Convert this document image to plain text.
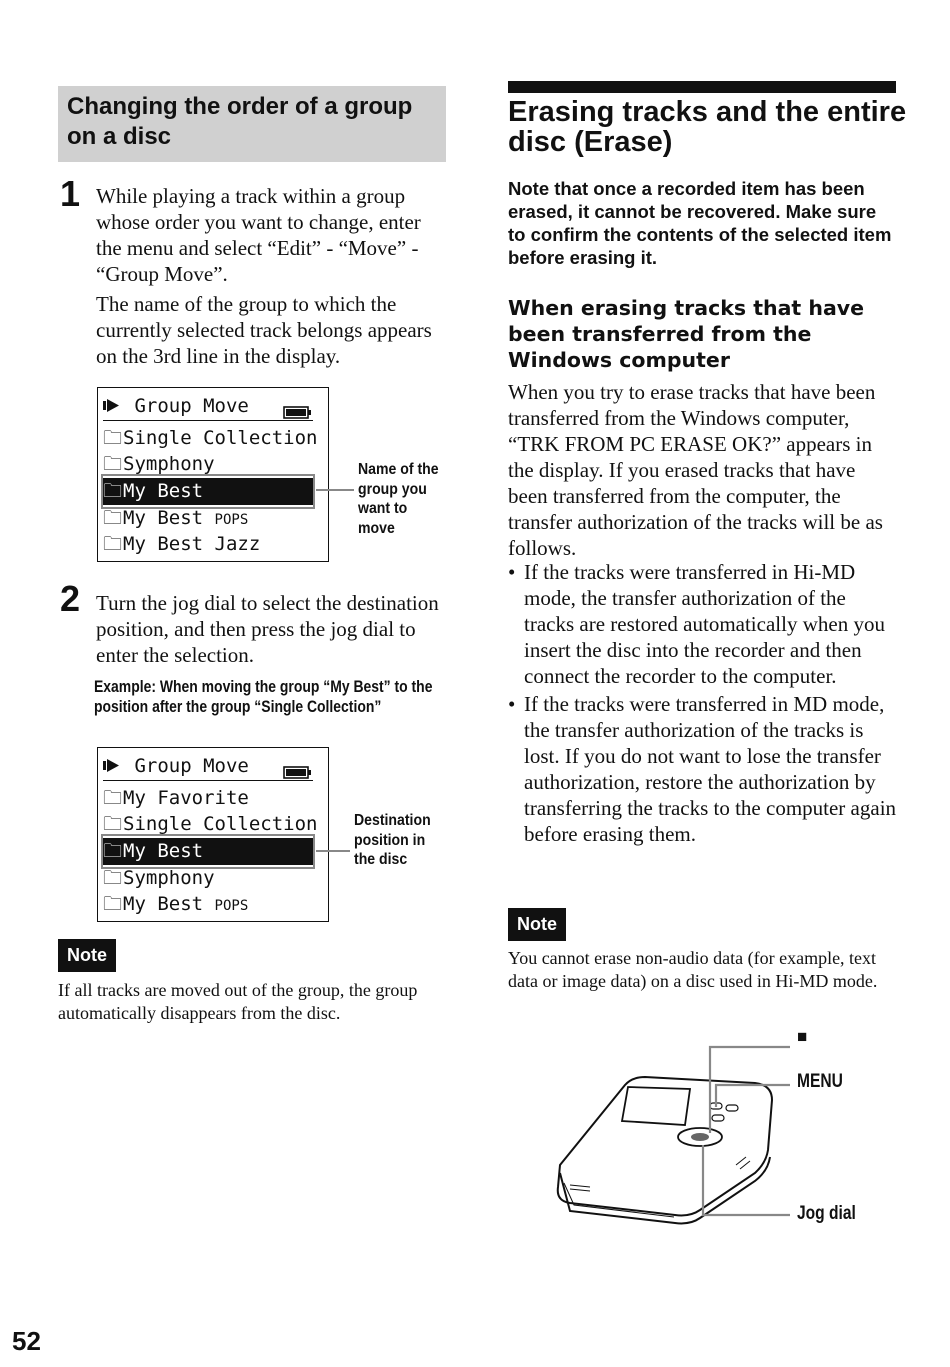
Changing the order of a group on a disc
1 While playing a track within a group whose order you want to change, enter the menu and select “Edit” - “Move” - “Group Move”.
The name of the group to which the currently selected track belongs appears on the 3rd line in the display.
Group Move
🗀Single Collection
🗀Symphony
🗀My Best
🗀My Best POPS
🗀My Best Jazz
Name of the group you want to move
2 Turn the jog dial to select the destination position, and then press the jog dial to enter the selection.
Example: When moving the group “My Best” to the position after the group “Single Collection”
Group Move
🗀My Favorite
🗀Single Collection
🗀My Best
🗀Symphony
🗀My Best POPS
Destination position in the disc
Note
If all tracks are moved out of the group, the group automatically disappears from the disc.
Erasing tracks and the entire disc (Erase)
Note that once a recorded item has been erased, it cannot be recovered. Make sure to confirm the contents of the selected item before erasing it.
When erasing tracks that have been transferred from the Windows computer
When you try to erase tracks that have been transferred from the Windows computer, “TRK FROM PC ERASE OK?” appears in the display. If you erased tracks that have been transferred from the computer, the transfer authorization of the tracks will be as follows.
• If the tracks were transferred in Hi-MD mode, the transfer authorization of the tracks are restored automatically when you insert the disc into the recorder and then connect the recorder to the computer.
• If the tracks were transferred in MD mode, the transfer authorization of the tracks is lost. If you do not want to lose the transfer authorization, restore the authorization by transferring the tracks to the computer again before erasing them.
Note
You cannot erase non-audio data (for example, text data or image data) on a disc used in Hi-MD mode.
■
MENU
Jog dial
52
